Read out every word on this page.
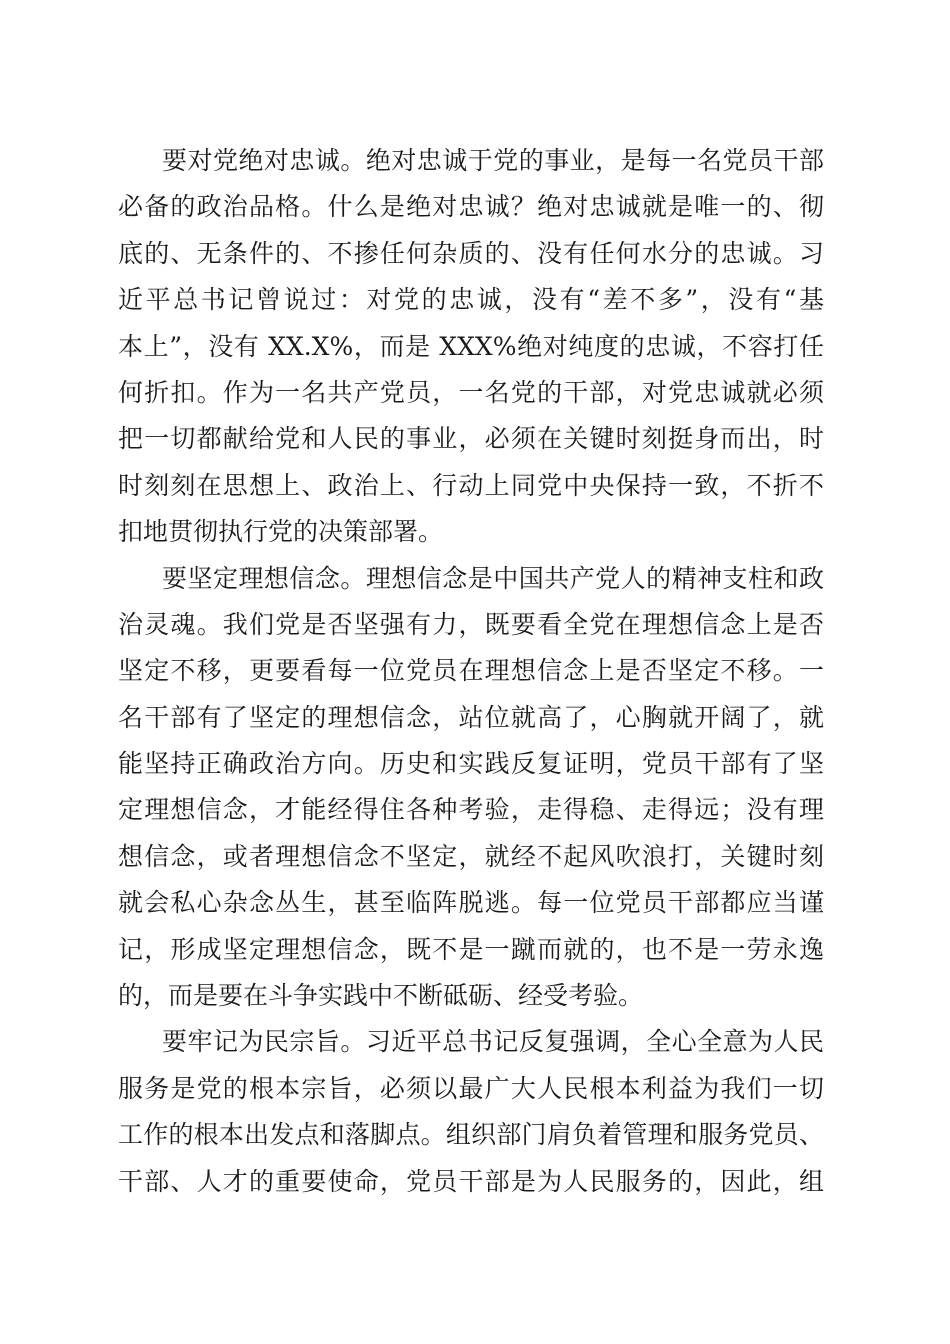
要对党绝对忠诚。绝对忠诚于党的事业，是每一名党员干部
必备的政治品格。什么是绝对忠诚？绝对忠诚就是唯一的、彻
底的、无条件的、不掺任何杂质的、没有任何水分的忠诚。习
近平总书记曾说过：对党的忠诚，没有“差不多”，没有“基
本上”，没有 XX.X%，而是 XXX%绝对纯度的忠诚，不容打任
何折扣。作为一名共产党员，一名党的干部，对党忠诚就必须
把一切都献给党和人民的事业，必须在关键时刻挺身而出，时
时刻刻在思想上、政治上、行动上同党中央保持一致，不折不
扣地贯彻执行党的决策部署。
要坚定理想信念。理想信念是中国共产党人的精神支柱和政
治灵魂。我们党是否坚强有力，既要看全党在理想信念上是否
坚定不移，更要看每一位党员在理想信念上是否坚定不移。一
名干部有了坚定的理想信念，站位就高了，心胸就开阔了，就
能坚持正确政治方向。历史和实践反复证明，党员干部有了坚
定理想信念，才能经得住各种考验，走得稳、走得远；没有理
想信念，或者理想信念不坚定，就经不起风吹浪打，关键时刻
就会私心杂念丛生，甚至临阵脱逃。每一位党员干部都应当谨
记，形成坚定理想信念，既不是一蹴而就的，也不是一劳永逸
的，而是要在斗争实践中不断砥砺、经受考验。
要牢记为民宗旨。习近平总书记反复强调，全心全意为人民
服务是党的根本宗旨，必须以最广大人民根本利益为我们一切
工作的根本出发点和落脚点。组织部门肩负着管理和服务党员、
干部、人才的重要使命，党员干部是为人民服务的，因此，组
